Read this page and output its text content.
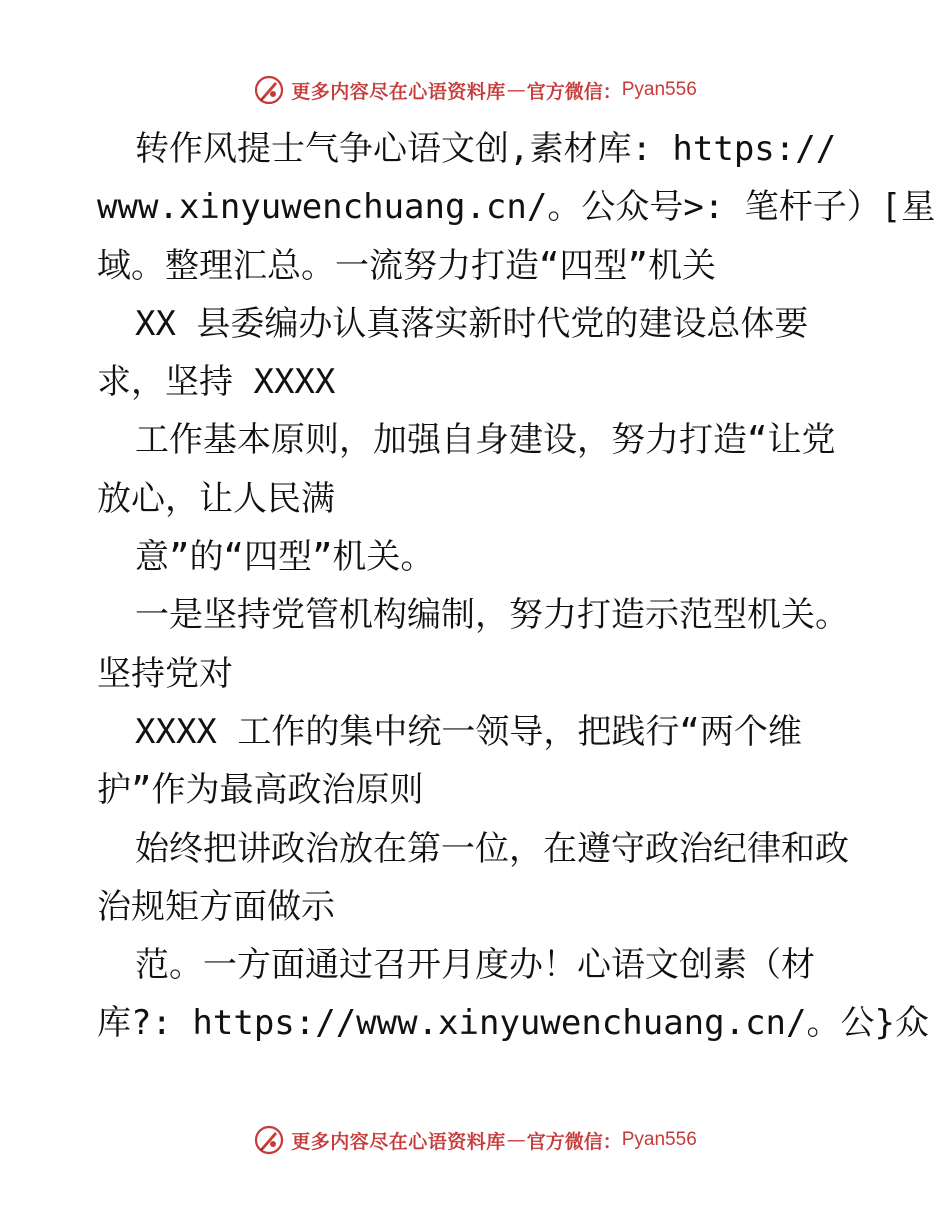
更多内容尽在心语资料库 — 官方微信： Pyan556
转作风提士气争心语文创,素材库: https://
www.xinyuwenchuang.cn/。公众号>: 笔杆子）[星
域。整理汇总。一流努力打造“四型”机关
XX 县委编办认真落实新时代党的建设总体要
求，坚持 XXXX
工作基本原则，加强自身建设，努力打造“让党
放心，让人民满
意”的“四型”机关。
一是坚持党管机构编制，努力打造示范型机关。
坚持党对
XXXX 工作的集中统一领导，把践行“两个维
护”作为最高政治原则
始终把讲政治放在第一位，在遵守政治纪律和政
治规矩方面做示
范。一方面通过召开月度办！心语文创素（材
库?: https://www.xinyuwenchuang.cn/。公}众
更多内容尽在心语资料库 — 官方微信： Pyan556
